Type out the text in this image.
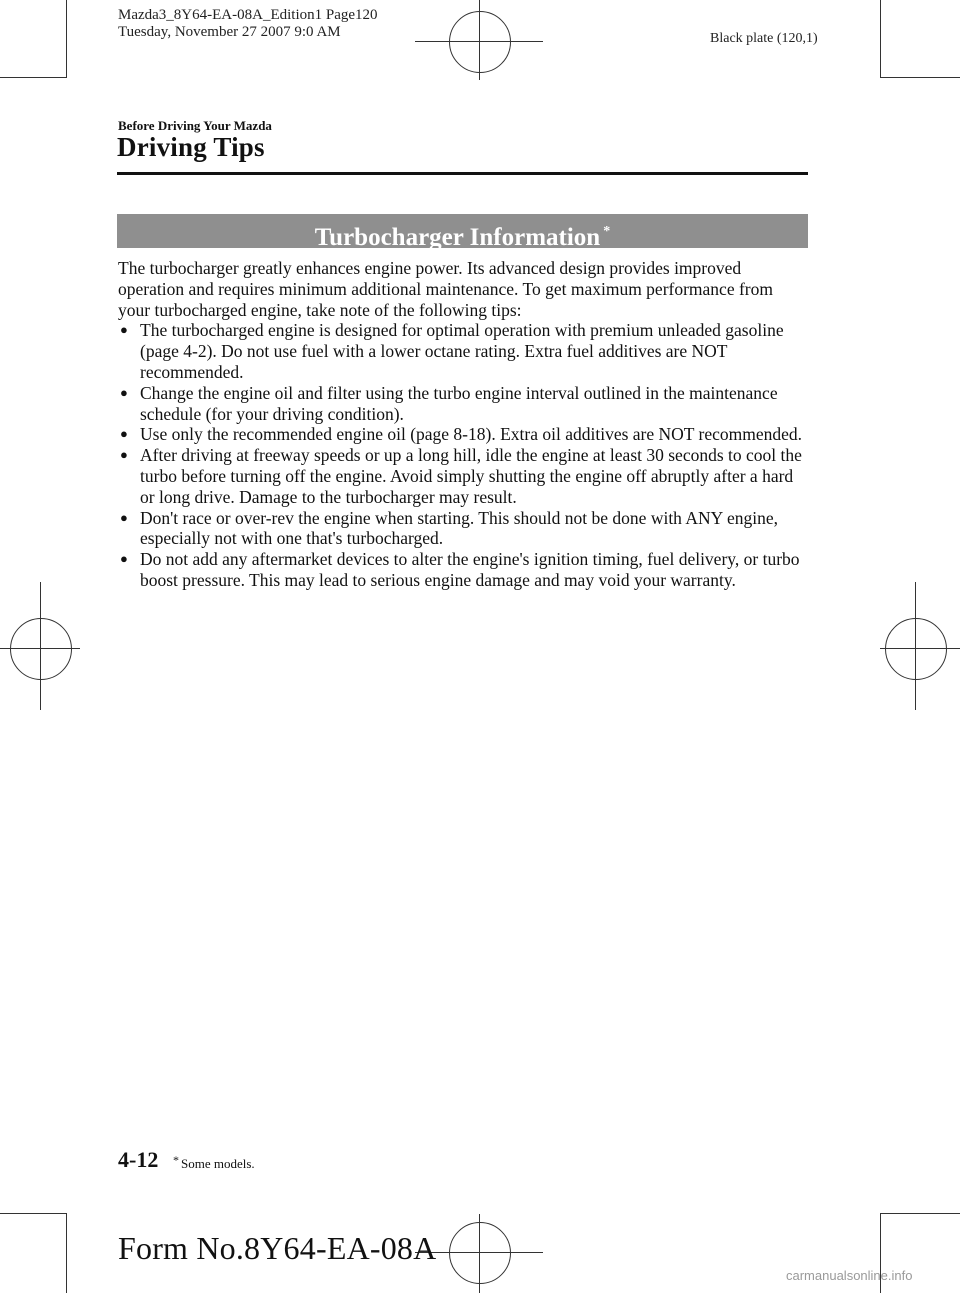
Mazda3_8Y64-EA-08A_Edition1 Page120
Tuesday, November 27 2007 9:0 AM	Black plate (120,1)
Before Driving Your Mazda
Driving Tips
Turbocharger Information *

The turbocharger greatly enhances engine power. Its advanced design provides improved operation and requires minimum additional maintenance. To get maximum performance from your turbocharged engine, take note of the following tips:

● The turbocharged engine is designed for optimal operation with premium unleaded gasoline (page 4-2). Do not use fuel with a lower octane rating. Extra fuel additives are NOT recommended.
● Change the engine oil and filter using the turbo engine interval outlined in the maintenance schedule (for your driving condition).
● Use only the recommended engine oil (page 8-18). Extra oil additives are NOT recommended.
● After driving at freeway speeds or up a long hill, idle the engine at least 30 seconds to cool the turbo before turning off the engine. Avoid simply shutting the engine off abruptly after a hard or long drive. Damage to the turbocharger may result.
● Don't race or over-rev the engine when starting. This should not be done with ANY engine, especially not with one that's turbocharged.
● Do not add any aftermarket devices to alter the engine's ignition timing, fuel delivery, or turbo boost pressure. This may lead to serious engine damage and may void your warranty.
4-12 * Some models.
Form No.8Y64-EA-08A
carmanualsonline.info
